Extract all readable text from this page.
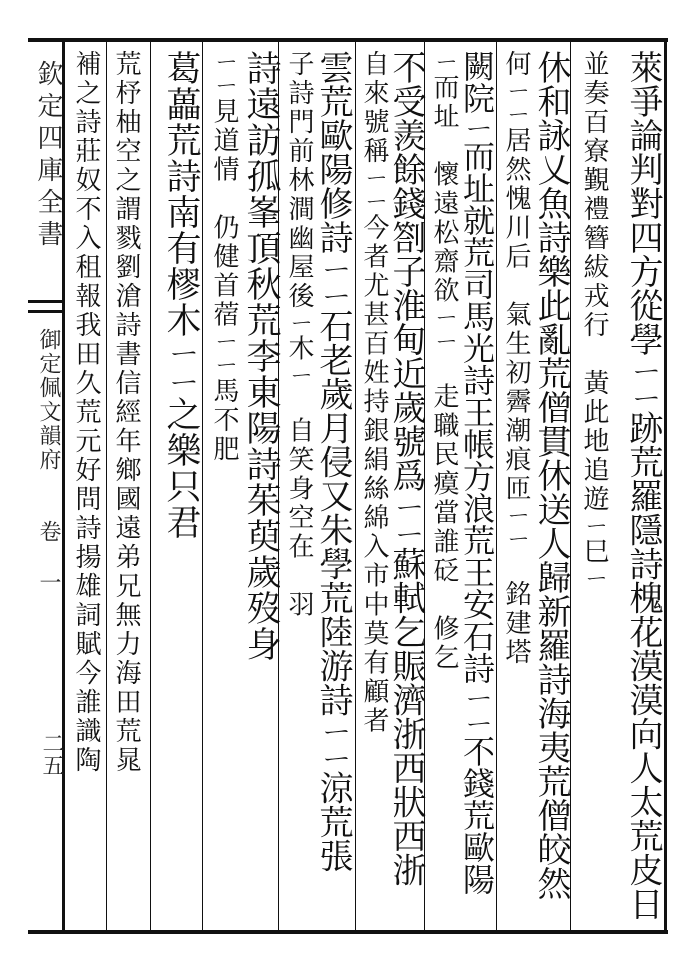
欽定四庫全書
御定佩文韻府
卷 一
二五	萊爭論判對四方從學ㄧㄧ跡荒羅隱詩槐花漠漠向人太荒皮日
並奏百寮覲禮簪紱戎行　黃此地追遊ㄧ巳ㄧ　　　
休和詠乂魚詩樂此亂荒僧貫休送人歸新羅詩海夷荒僧皎然
何ㄧㄧ居然愧川后　氣生初霽潮痕匝ㄧㄧ　銘建塔
闕院ㄧ而址就荒司馬光詩王帳方浪荒王安石詩ㄧㄧ不錢荒歐陽
ㄧ而址　懷遠松齋欲ㄧㄧ　走職民瘼當誰砭　修乞
不受羨餘錢劄子淮甸近歲號爲ㄧㄧ蘇軾乞賑濟浙西狀西浙
自來號稱ㄧㄧ今者尤甚百姓持銀絹絲綿入市中莫有顧者
雲荒歐陽修詩ㄧㄧ石老歲月侵又朱學荒陸游詩ㄧㄧ涼荒張
子詩門前林澗幽屋後ㄧ木ㄧ　自笑身空在　羽
詩遠訪孤峯頂秋荒李東陽詩茱萸歲歿身
ㄧㄧ見道情　仍健首蓿ㄧㄧ馬不肥
葛藟荒詩南有樛木ㄧㄧ之樂只君
荒杼柚空之謂戮劉滄詩書信經年鄉國遠弟兄無力海田荒晁
補之詩莊奴不入租報我田久荒元好問詩揚雄詞賦今誰識陶
